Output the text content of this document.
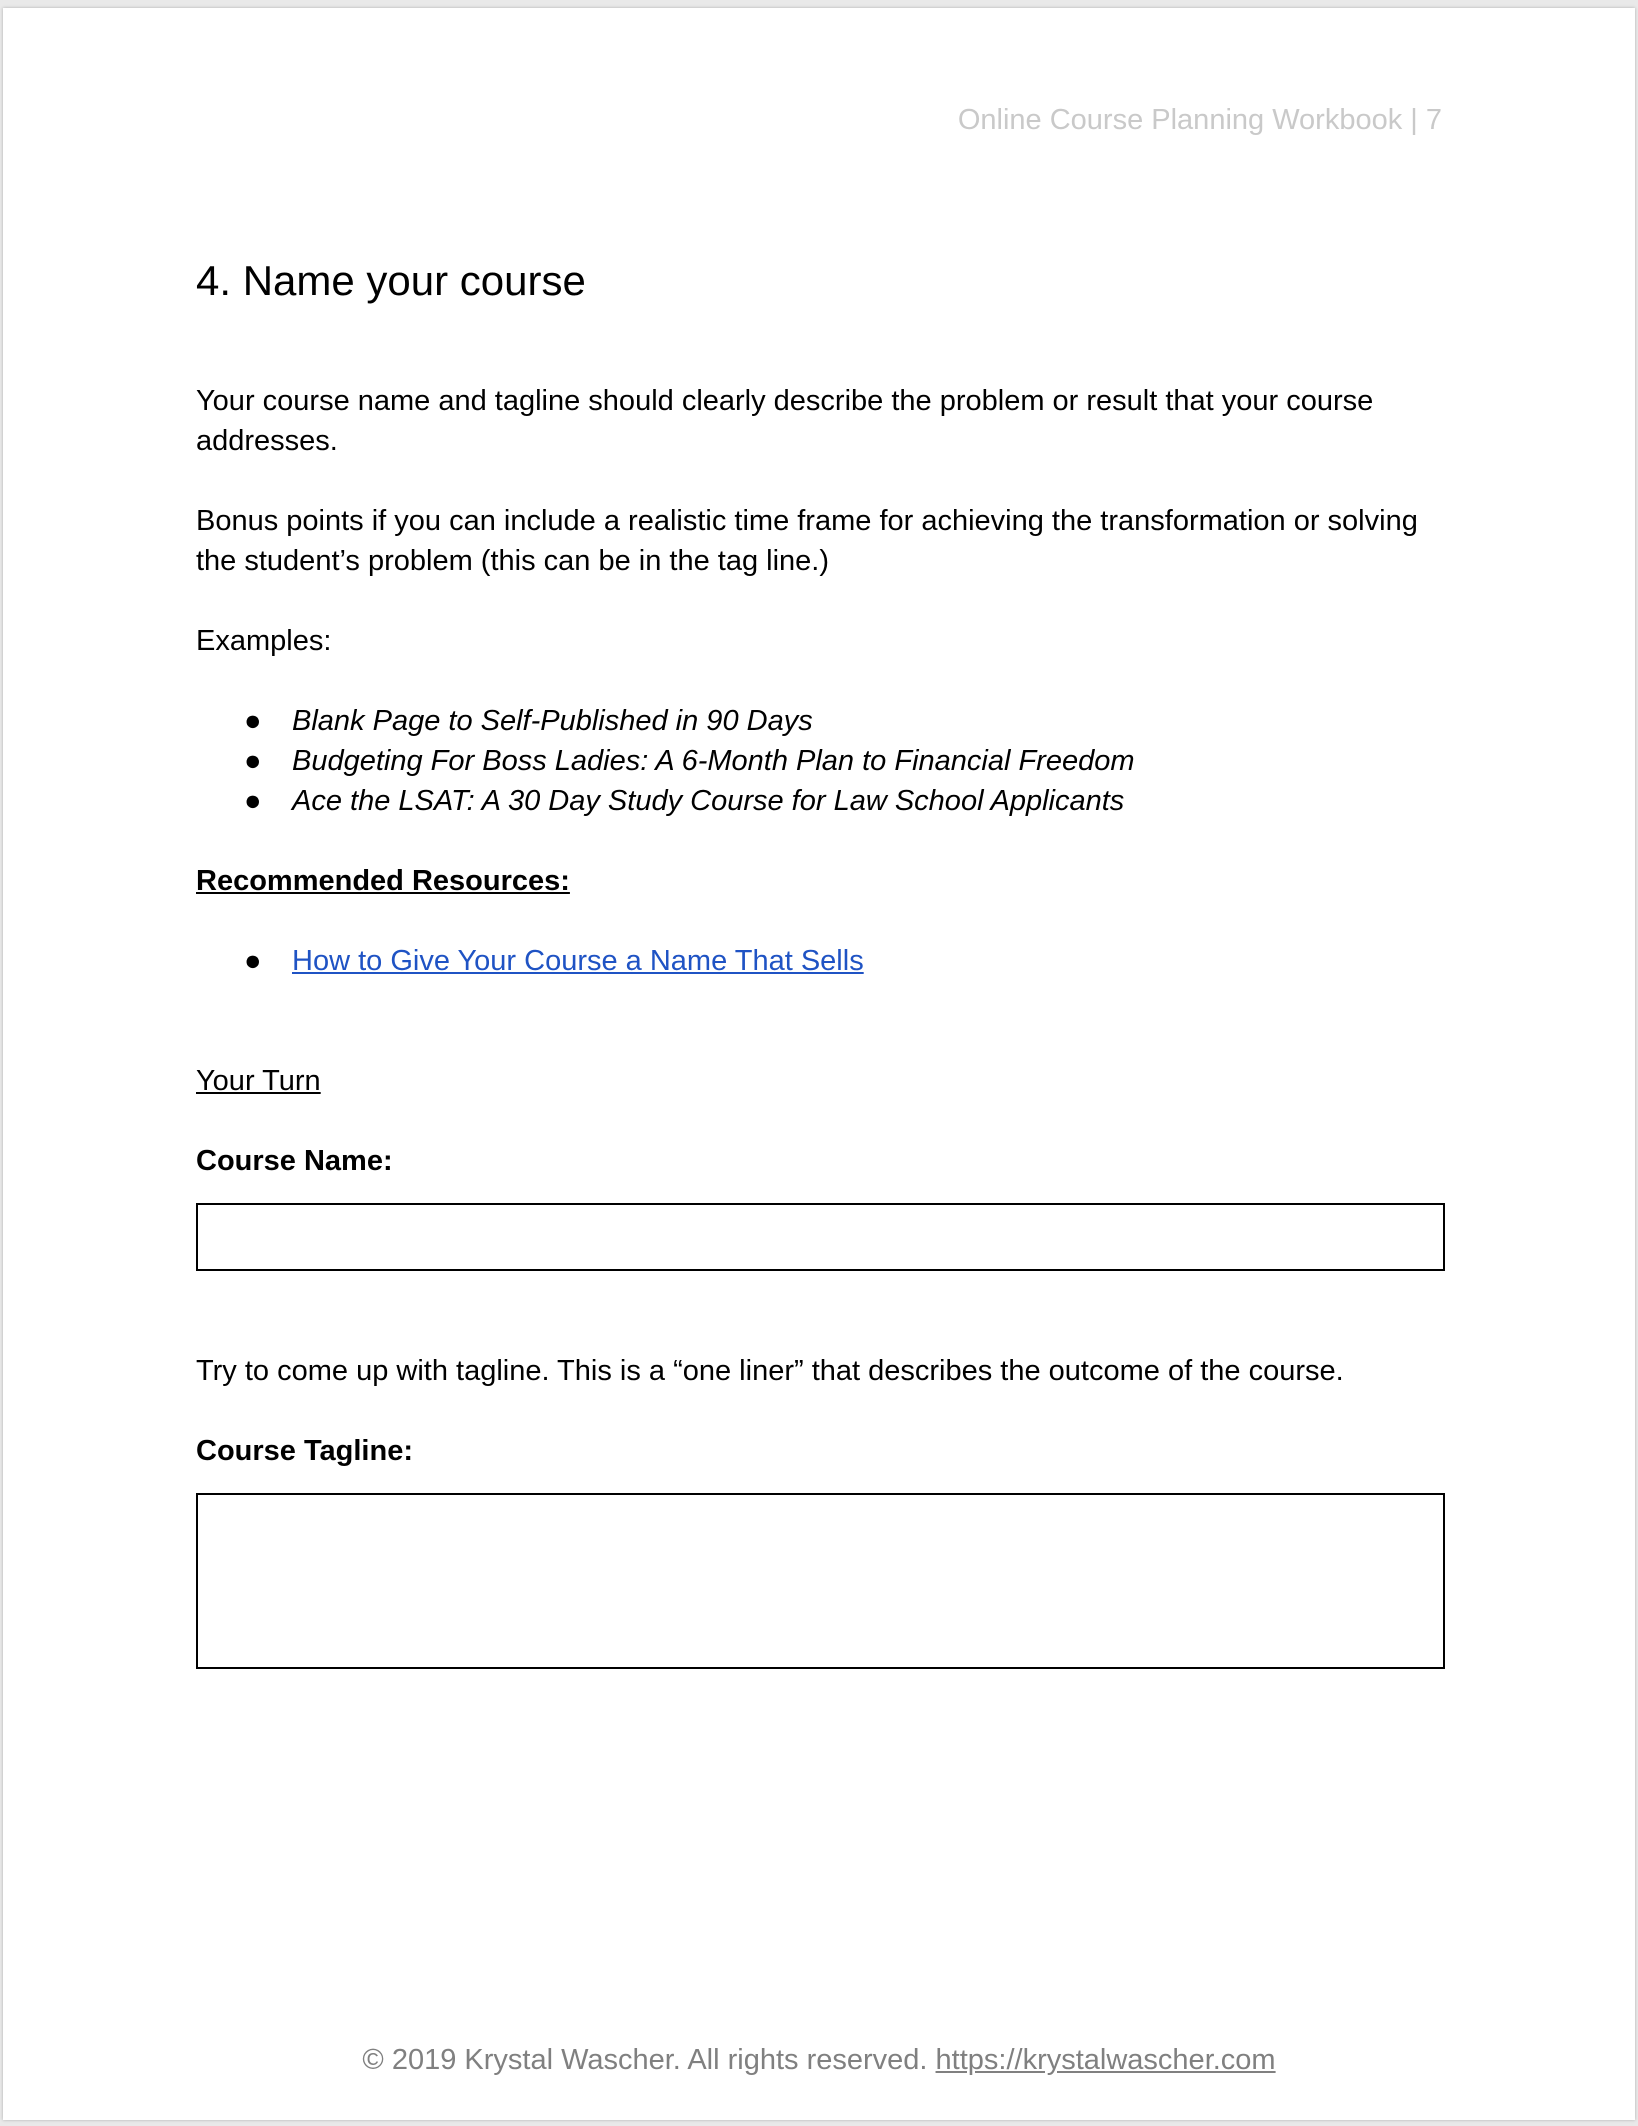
Online Course Planning Workbook | 7
4. Name your course

Your course name and tagline should clearly describe the problem or result that your course addresses.

Bonus points if you can include a realistic time frame for achieving the transformation or solving the student’s problem (this can be in the tag line.)

Examples:

● Blank Page to Self-Published in 90 Days
● Budgeting For Boss Ladies: A 6-Month Plan to Financial Freedom
● Ace the LSAT: A 30 Day Study Course for Law School Applicants

Recommended Resources:

● How to Give Your Course a Name That Sells

Your Turn

Course Name:

Try to come up with tagline. This is a “one liner” that describes the outcome of the course.

Course Tagline:
© 2019 Krystal Wascher. All rights reserved. https://krystalwascher.com
